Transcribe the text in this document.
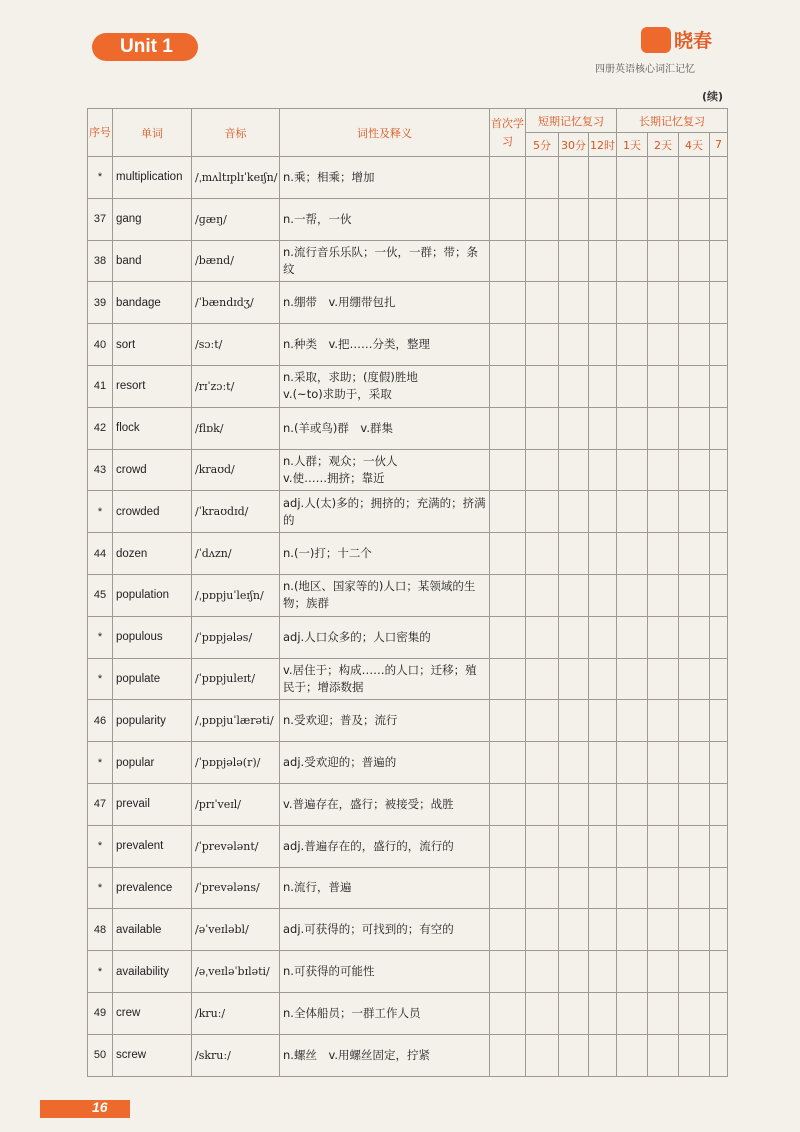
Unit 1	晓春
四册英语核心词汇记忆
(续)
序号	单词	音标	词性及释义	首次学习	短期记忆复习			长期记忆复习			
					5分	30分	12时	1天	2天	4天	7
*	multiplication	/ˌmʌltɪplɪˈkeɪʃn/	n.乘；相乘；增加								
37	gang	/ɡæŋ/	n.一帮，一伙								
38	band	/bænd/	n.流行音乐乐队；一伙，一群；带；条纹								
39	bandage	/ˈbændɪdʒ/	n.绷带　v.用绷带包扎								
40	sort	/sɔːt/	n.种类　v.把……分类，整理								
41	resort	/rɪˈzɔːt/	n.采取，求助；(度假)胜地
v.(~to)求助于，采取								
42	flock	/flɒk/	n.(羊或鸟)群　v.群集								
43	crowd	/kraʊd/	n.人群；观众；一伙人
v.使……拥挤；靠近								
*	crowded	/ˈkraʊdɪd/	adj.人(太)多的；拥挤的；充满的；挤满的								
44	dozen	/ˈdʌzn/	n.(一)打；十二个								
45	population	/ˌpɒpjuˈleɪʃn/	n.(地区、国家等的)人口；某领域的生物；族群								
*	populous	/ˈpɒpjələs/	adj.人口众多的；人口密集的								
*	populate	/ˈpɒpjuleɪt/	v.居住于；构成……的人口；迁移；殖民于；增添数据								
46	popularity	/ˌpɒpjuˈlærəti/	n.受欢迎；普及；流行								
*	popular	/ˈpɒpjələ(r)/	adj.受欢迎的；普遍的								
47	prevail	/prɪˈveɪl/	v.普遍存在，盛行；被接受；战胜								
*	prevalent	/ˈprevələnt/	adj.普遍存在的，盛行的，流行的								
*	prevalence	/ˈprevələns/	n.流行，普遍								
48	available	/əˈveɪləbl/	adj.可获得的；可找到的；有空的								
*	availability	/əˌveɪləˈbɪləti/	n.可获得的可能性								
49	crew	/kruː/	n.全体船员；一群工作人员								
50	screw	/skruː/	n.螺丝　v.用螺丝固定，拧紧								
16
